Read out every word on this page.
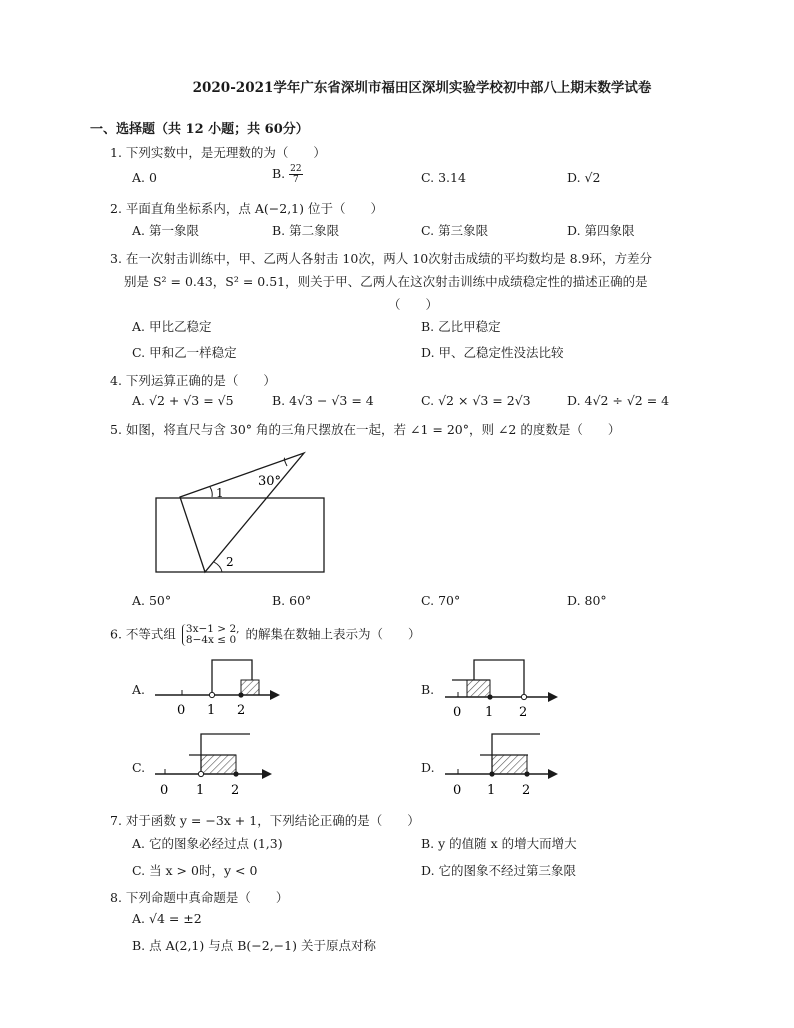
2020-2021学年广东省深圳市福田区深圳实验学校初中部八上期末数学试卷
一、选择题（共 12 小题；共 60分）
1. 下列实数中，是无理数的为（　　）
A. 0	B. $\frac{22}{7}$	C. 3.14	D. √2
2. 平面直角坐标系内，点 A(−2,1) 位于（　　）
A. 第一象限	B. 第二象限	C. 第三象限	D. 第四象限
3. 在一次射击训练中，甲、乙两人各射击 10次，两人 10次射击成绩的平均数均是 8.9环，方差分
别是 S² = 0.43，S² = 0.51，则关于甲、乙两人在这次射击训练中成绩稳定性的描述正确的是
（　　）
A. 甲比乙稳定	B. 乙比甲稳定
C. 甲和乙一样稳定	D. 甲、乙稳定性没法比较
4. 下列运算正确的是（　　）
A. √2 + √3 = √5	B. 4√3 − √3 = 4	C. √2 × √3 = 2√3	D. 4√2 ÷ √2 = 4
5. 如图，将直尺与含 30° 角的三角尺摆放在一起，若 ∠1 = 20°，则 ∠2 的度数是（　　）
30°
1
2
A. 50°	B. 60°	C. 70°	D. 80°
6. 不等式组 3x−1 > 2,
8−4x ≤ 0 的解集在数轴上表示为（　　）
A.	B.
C.	D.
0 1 2	0 1 2
0 1 2	0 1 2
7. 对于函数 y = −3x + 1，下列结论正确的是（　　）
A. 它的图象必经过点 (1,3)	B. y 的值随 x 的增大而增大
C. 当 x > 0时，y < 0	D. 它的图象不经过第三象限
8. 下列命题中真命题是（　　）
A. √4 = ±2
B. 点 A(2,1) 与点 B(−2,−1) 关于原点对称
